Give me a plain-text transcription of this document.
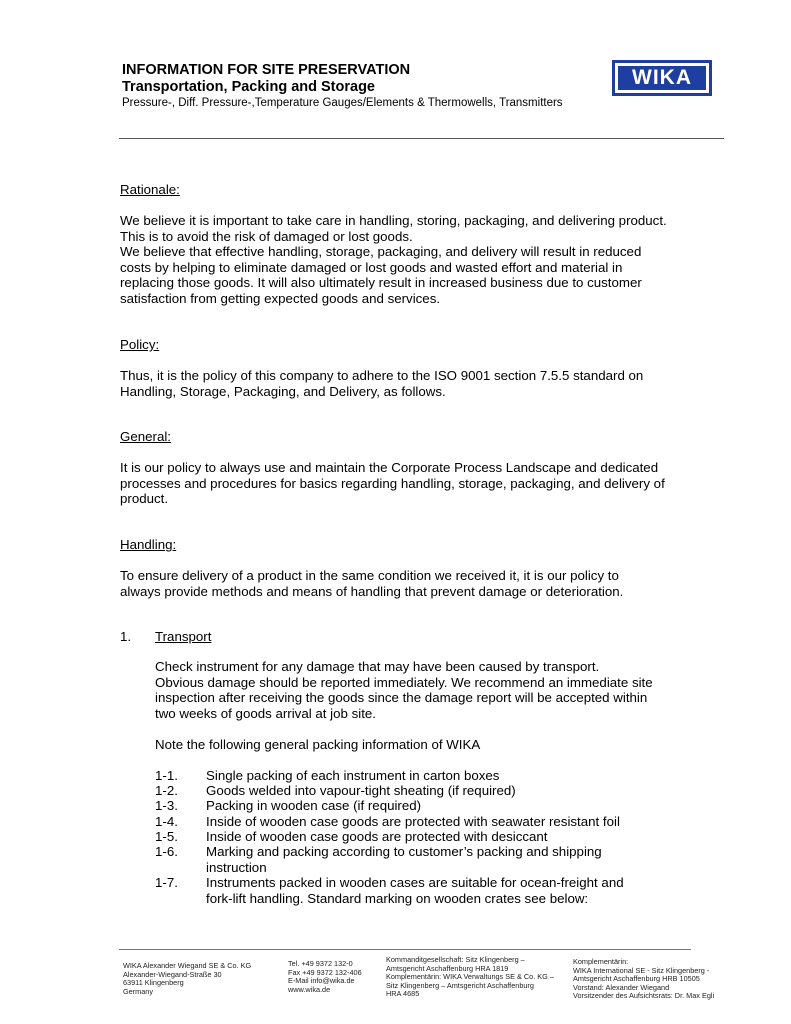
INFORMATION FOR SITE PRESERVATION
Transportation, Packing and Storage
Pressure-, Diff. Pressure-,Temperature Gauges/Elements & Thermowells, Transmitters
WIKA
Rationale:
We believe it is important to take care in handling, storing, packaging, and delivering product.
This is to avoid the risk of damaged or lost goods.
We believe that effective handling, storage, packaging, and delivery will result in reduced
costs by helping to eliminate damaged or lost goods and wasted effort and material in
replacing those goods. It will also ultimately result in increased business due to customer
satisfaction from getting expected goods and services.
Policy:
Thus, it is the policy of this company to adhere to the ISO 9001 section 7.5.5 standard on
Handling, Storage, Packaging, and Delivery, as follows.
General:
It is our policy to always use and maintain the Corporate Process Landscape and dedicated
processes and procedures for basics regarding handling, storage, packaging, and delivery of
product.
Handling:
To ensure delivery of a product in the same condition we received it, it is our policy to
always provide methods and means of handling that prevent damage or deterioration.
1. Transport
Check instrument for any damage that may have been caused by transport.
Obvious damage should be reported immediately. We recommend an immediate site
inspection after receiving the goods since the damage report will be accepted within
two weeks of goods arrival at job site.
Note the following general packing information of WIKA
1-1. Single packing of each instrument in carton boxes
1-2. Goods welded into vapour-tight sheating (if required)
1-3. Packing in wooden case (if required)
1-4. Inside of wooden case goods are protected with seawater resistant foil
1-5. Inside of wooden case goods are protected with desiccant
1-6. Marking and packing according to customer’s packing and shipping
instruction
1-7. Instruments packed in wooden cases are suitable for ocean-freight and
fork-lift handling. Standard marking on wooden crates see below:
WIKA Alexander Wiegand SE & Co. KG
Alexander-Wiegand-Straße 30
63911 Klingenberg
Germany
Tel. +49 9372 132-0
Fax +49 9372 132-406
E-Mail info@wika.de
www.wika.de
Kommanditgesellschaft: Sitz Klingenberg –
Amtsgericht Aschaffenburg HRA 1819
Komplementärin: WIKA Verwaltungs SE & Co. KG –
Sitz Klingenberg – Amtsgericht Aschaffenburg
HRA 4685
Komplementärin:
WIKA International SE - Sitz Klingenberg -
Amtsgericht Aschaffenburg HRB 10505
Vorstand: Alexander Wiegand
Vorsitzender des Aufsichtsrats: Dr. Max Egli
